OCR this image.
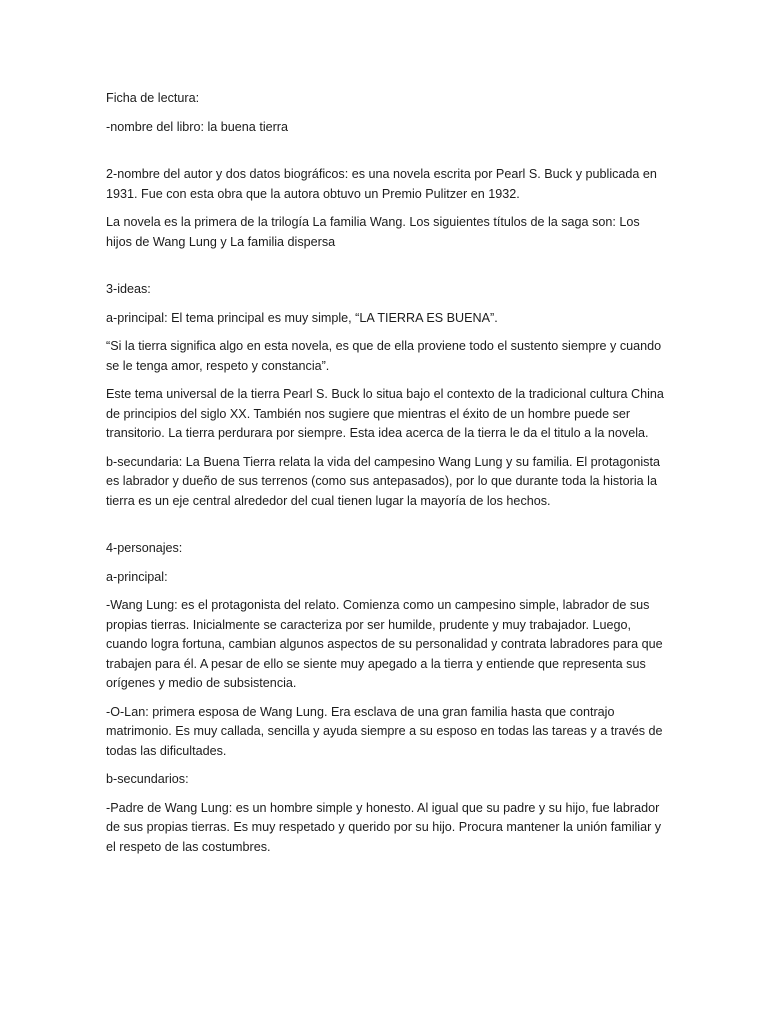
Ficha de lectura:

-nombre del libro: la buena tierra

2-nombre del autor y dos datos biográficos: es una novela escrita por Pearl S. Buck y publicada en 1931. Fue con esta obra que la autora obtuvo un Premio Pulitzer en 1932.

La novela es la primera de la trilogía La familia Wang. Los siguientes títulos de la saga son: Los hijos de Wang Lung y La familia dispersa

3-ideas:

a-principal: El tema principal es muy simple, “LA TIERRA ES BUENA”.

“Si la tierra significa algo en esta novela, es que de ella proviene todo el sustento siempre y cuando se le tenga amor, respeto y constancia”.

Este tema universal de la tierra Pearl S. Buck lo situa bajo el contexto de la tradicional cultura China de principios del siglo XX. También nos sugiere que mientras el éxito de un hombre puede ser transitorio. La tierra perdurara por siempre. Esta idea acerca de la tierra le da el titulo a la novela.

b-secundaria: La Buena Tierra relata la vida del campesino Wang Lung y su familia. El protagonista es labrador y dueño de sus terrenos (como sus antepasados), por lo que durante toda la historia la tierra es un eje central alrededor del cual tienen lugar la mayoría de los hechos.

4-personajes:

a-principal:

-Wang Lung: es el protagonista del relato. Comienza como un campesino simple, labrador de sus propias tierras. Inicialmente se caracteriza por ser humilde, prudente y muy trabajador. Luego, cuando logra fortuna, cambian algunos aspectos de su personalidad y contrata labradores para que trabajen para él. A pesar de ello se siente muy apegado a la tierra y entiende que representa sus orígenes y medio de subsistencia.

-O-Lan: primera esposa de Wang Lung. Era esclava de una gran familia hasta que contrajo matrimonio. Es muy callada, sencilla y ayuda siempre a su esposo en todas las tareas y a través de todas las dificultades.

b-secundarios:

-Padre de Wang Lung: es un hombre simple y honesto. Al igual que su padre y su hijo, fue labrador de sus propias tierras. Es muy respetado y querido por su hijo. Procura mantener la unión familiar y el respeto de las costumbres.
